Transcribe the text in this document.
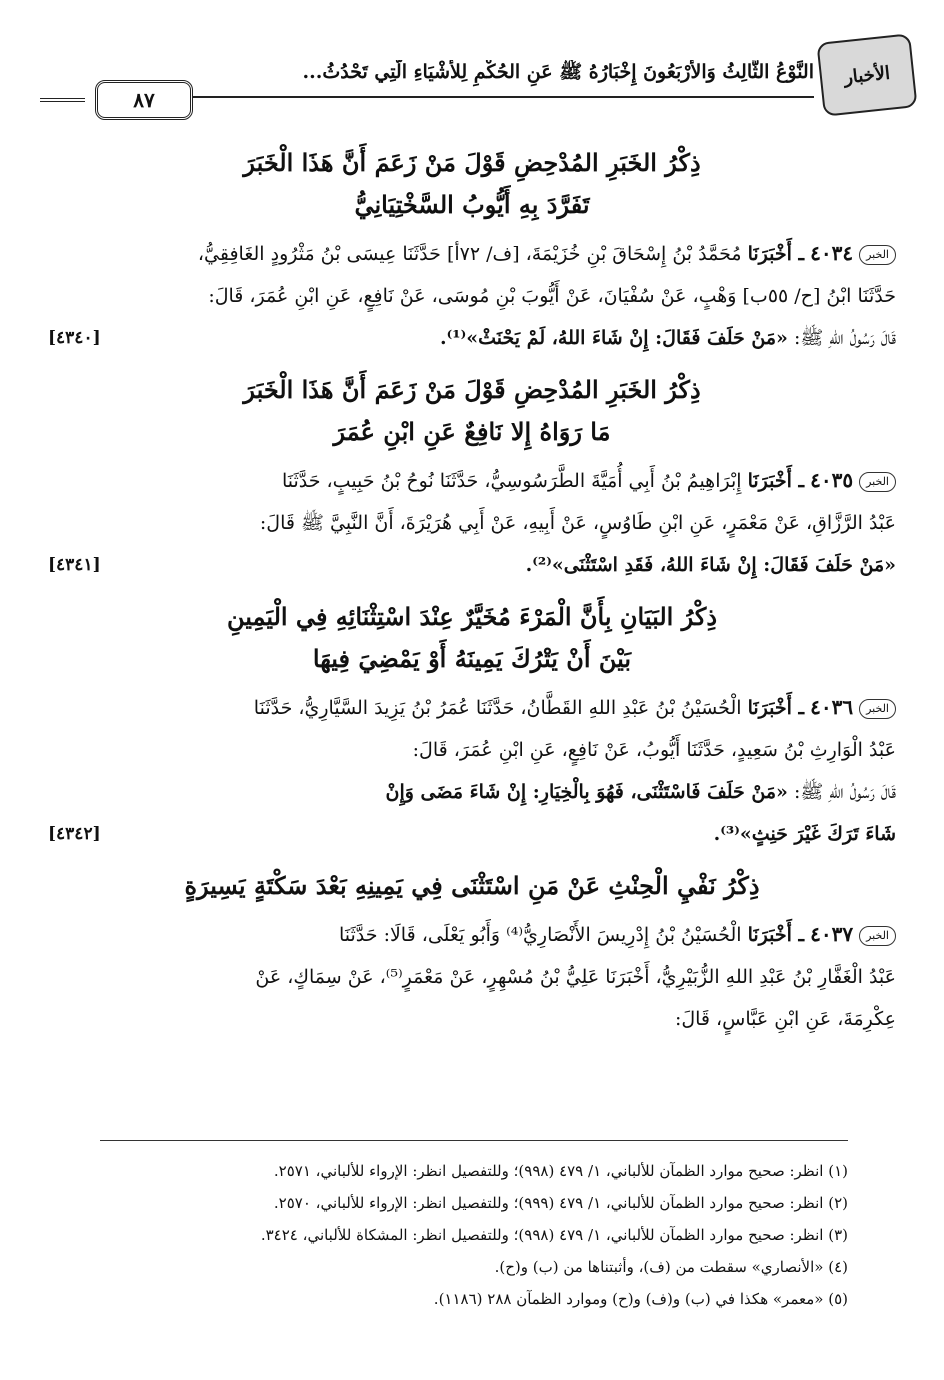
الأخبار
النَّوْعُ الثَّالِثُ وَالأَرْبَعُونَ إِخْبَارُهُ ﷺ عَنِ الحُكْمِ لِلأَشْيَاءِ الَّتِي تَحْدُثُ...
٨٧
ذِكْرُ الخَبَرِ المُدْحِضِ قَوْلَ مَنْ زَعَمَ أَنَّ هَذَا الْخَبَرَ
تَفَرَّدَ بِهِ أَيُّوبُ السَّخْتِيَانِيُّ

الخبر٤٠٣٤ ـ أَخْبَرَنَا مُحَمَّدُ بْنُ إِسْحَاقَ بْنِ خُزَيْمَةَ، [ف/ ٧٢أ] حَدَّثَنَا عِيسَى بْنُ مَثْرُودٍ الغَافِقِيُّ،

حَدَّثَنَا ابْنُ [ح/ ٥٥ب] وَهْبٍ، عَنْ سُفْيَانَ، عَنْ أَيُّوبَ بْنِ مُوسَى، عَنْ نَافِعٍ، عَنِ ابْنِ عُمَرَ، قَالَ:

قَالَ رَسُولُ اللهِ ﷺ: «مَنْ حَلَفَ فَقَالَ: إِنْ شَاءَ اللهُ، لَمْ يَحْنَثْ»⁽¹⁾.
[٤٣٤٠]

ذِكْرُ الخَبَرِ المُدْحِضِ قَوْلَ مَنْ زَعَمَ أَنَّ هَذَا الْخَبَرَ
مَا رَوَاهُ إِلا نَافِعٌ عَنِ ابْنِ عُمَرَ

الخبر٤٠٣٥ ـ أَخْبَرَنَا إِبْرَاهِيمُ بْنُ أَبِي أُمَيَّةَ الطَّرَسُوسِيُّ، حَدَّثَنَا نُوحُ بْنُ حَبِيبٍ، حَدَّثَنَا

عَبْدُ الرَّزَّاقِ، عَنْ مَعْمَرٍ، عَنِ ابْنِ طَاوُسٍ، عَنْ أَبِيهِ، عَنْ أَبِي هُرَيْرَةَ، أَنَّ النَّبِيَّ ﷺ قَالَ:

«مَنْ حَلَفَ فَقَالَ: إِنْ شَاءَ اللهُ، فَقَدِ اسْتَثْنَى»⁽²⁾.
[٤٣٤١]

ذِكْرُ البَيَانِ بِأَنَّ الْمَرْءَ مُخَيَّرٌ عِنْدَ اسْتِثْنَائِهِ فِي الْيَمِينِ
بَيْنَ أَنْ يَتْرُكَ يَمِينَهُ أَوْ يَمْضِيَ فِيهَا

الخبر٤٠٣٦ ـ أَخْبَرَنَا الْحُسَيْنُ بْنُ عَبْدِ اللهِ القَطَّانُ، حَدَّثَنَا عُمَرُ بْنُ يَزِيدَ السَّيَّارِيُّ، حَدَّثَنَا

عَبْدُ الْوَارِثِ بْنُ سَعِيدٍ، حَدَّثَنَا أَيُّوبُ، عَنْ نَافِعٍ، عَنِ ابْنِ عُمَرَ، قَالَ:

قَالَ رَسُولُ اللهِ ﷺ: «مَنْ حَلَفَ فَاسْتَثْنَى، فَهُوَ بِالْخِيَارِ: إِنْ شَاءَ مَضَى وَإِنْ

شَاءَ تَرَكَ غَيْرَ حَنِثٍ»⁽³⁾.
[٤٣٤٢]

ذِكْرُ نَفْيِ الْحِنْثِ عَنْ مَنِ اسْتَثْنَى فِي يَمِينِهِ بَعْدَ سَكْتَةٍ يَسِيرَةٍ

الخبر٤٠٣٧ ـ أَخْبَرَنَا الْحُسَيْنُ بْنُ إِدْرِيسَ الأَنْصَارِيُّ⁽⁴⁾ وَأَبُو يَعْلَى، قَالَا: حَدَّثَنَا

عَبْدُ الْغَفَّارِ بْنُ عَبْدِ اللهِ الزُّبَيْرِيُّ، أَخْبَرَنَا عَلِيُّ بْنُ مُسْهِرٍ، عَنْ مَعْمَرٍ⁽⁵⁾، عَنْ سِمَاكٍ، عَنْ

عِكْرِمَةَ، عَنِ ابْنِ عَبَّاسٍ، قَالَ:

(١) انظر: صحيح موارد الظمآن للألباني، ١/ ٤٧٩ (٩٩٨)؛ وللتفصيل انظر: الإرواء للألباني، ٢٥٧١.
(٢) انظر: صحيح موارد الظمآن للألباني، ١/ ٤٧٩ (٩٩٩)؛ وللتفصيل انظر: الإرواء للألباني، ٢٥٧٠.
(٣) انظر: صحيح موارد الظمآن للألباني، ١/ ٤٧٩ (٩٩٨)؛ وللتفصيل انظر: المشكاة للألباني، ٣٤٢٤.
(٤) «الأنصاري» سقطت من (ف)، وأثبتناها من (ب) و(ح).
(٥) «معمر» هكذا في (ب) و(ف) و(ح) وموارد الظمآن ٢٨٨ (١١٨٦).
